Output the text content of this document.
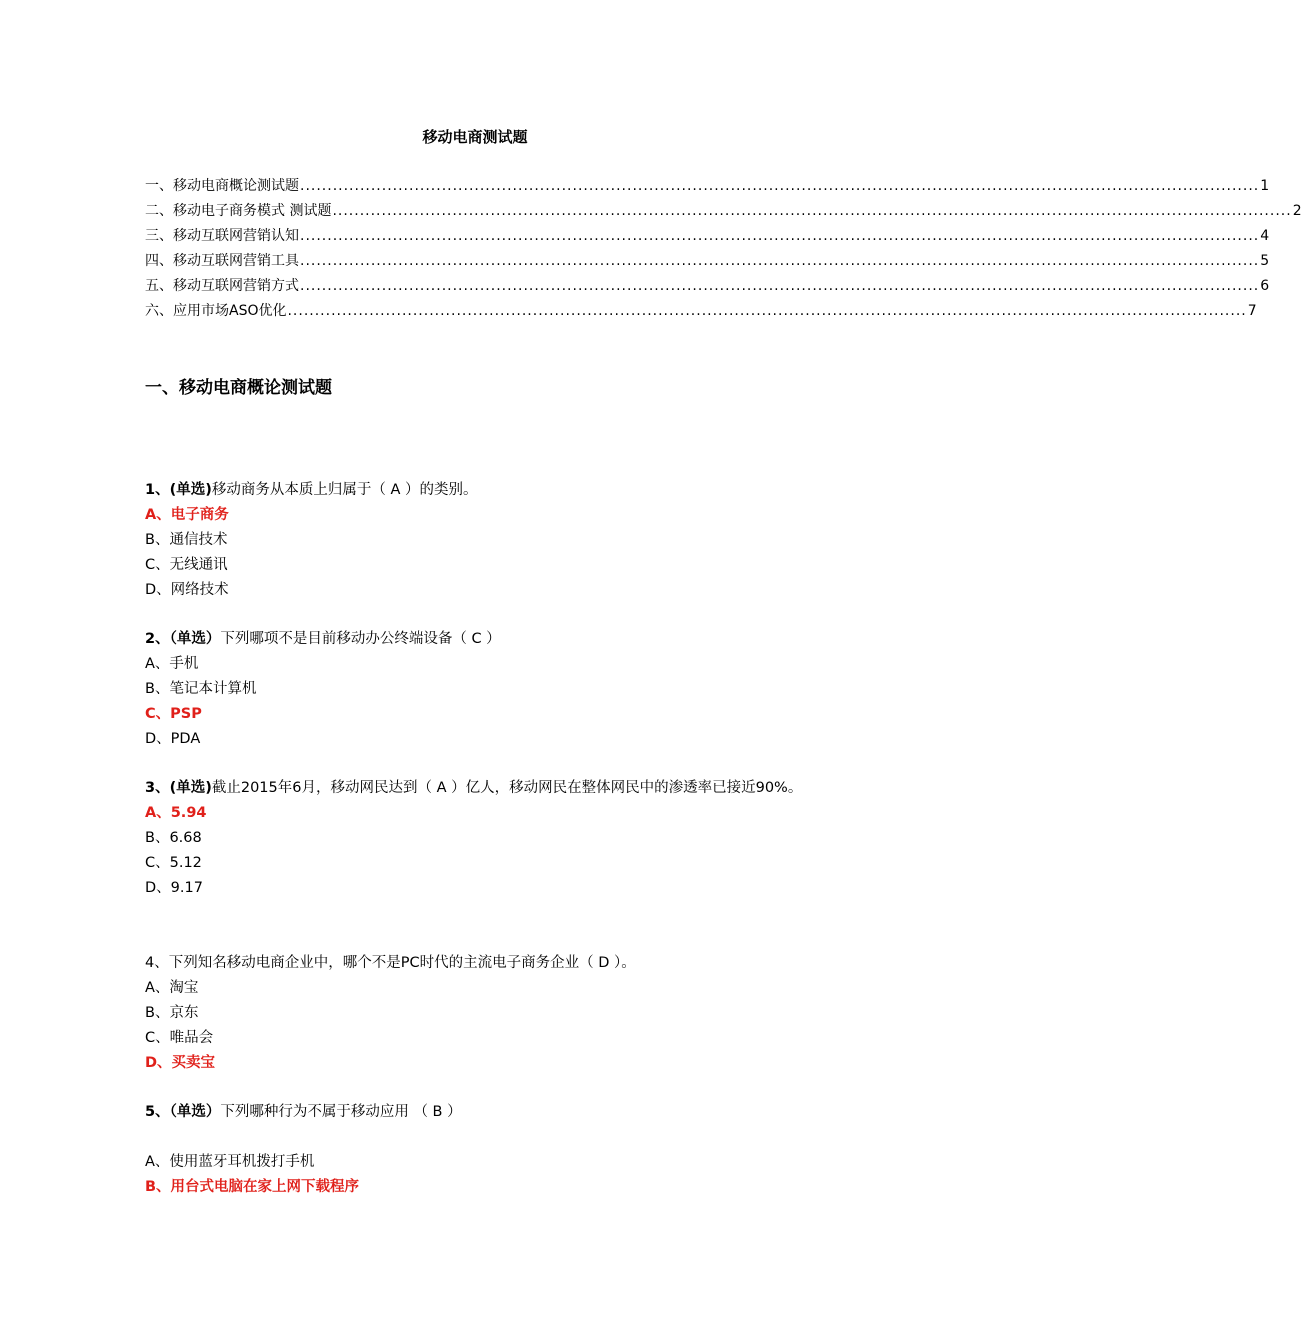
移动电商测试题
一、移动电商概论测试题 ................................................................................................................................................................................ 1
二、移动电子商务模式 测试题 ................................................................................................................................................................................ 2
三、移动互联网营销认知 ................................................................................................................................................................................ 4
四、移动互联网营销工具 ................................................................................................................................................................................ 5
五、移动互联网营销方式 ................................................................................................................................................................................ 6
六、应用市场ASO优化 ................................................................................................................................................................................ 7
一、移动电商概论测试题

1、(单选)移动商务从本质上归属于（ A ）的类别。

A、电子商务

B、通信技术

C、无线通讯

D、网络技术

2、（单选）下列哪项不是目前移动办公终端设备（ C ）

A、手机

B、笔记本计算机

C、PSP

D、PDA

3、(单选)截止2015年6月，移动网民达到（ A ）亿人，移动网民在整体网民中的渗透率已接近90%。

A、5.94

B、6.68

C、5.12

D、9.17

4、下列知名移动电商企业中，哪个不是PC时代的主流电子商务企业（ D ）。

A、淘宝

B、京东

C、唯品会

D、买卖宝

5、（单选）下列哪种行为不属于移动应用 （ B ）

A、使用蓝牙耳机拨打手机

B、用台式电脑在家上网下载程序
